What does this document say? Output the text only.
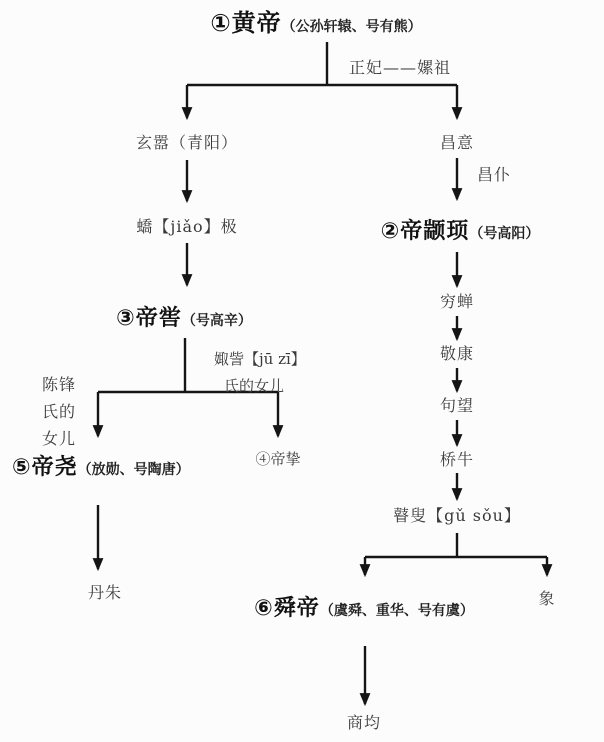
①黄帝（公孙轩辕、号有熊）
正妃——嫘祖
玄嚣（青阳）	昌意
昌仆
蟜【jiǎo】极	②帝颛顼（号高阳）
穷蝉
敬康
句望
桥牛
瞽叟【gǔ sǒu】
③帝喾（号高辛）
娵訾【jū zī】
氏的女儿
陈锋
氏的
女儿
⑤帝尧（放勋、号陶唐）
④帝挚
丹朱
⑥舜帝（虞舜、重华、号有虞）
象
商均
